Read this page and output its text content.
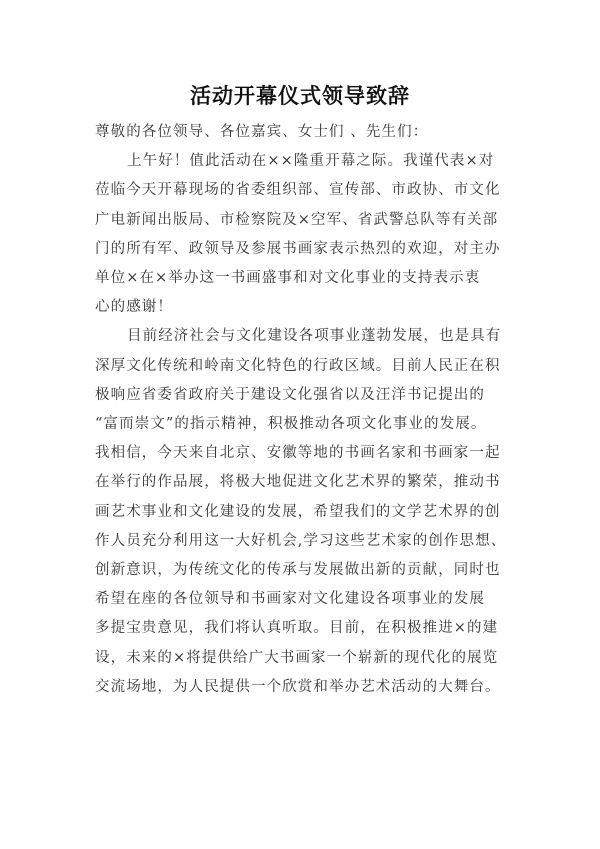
活动开幕仪式领导致辞
尊敬的各位领导、各位嘉宾、女士们 、先生们：
上午好！值此活动在××隆重开幕之际。我谨代表×对
莅临今天开幕现场的省委组织部、宣传部、市政协、市文化
广电新闻出版局、市检察院及×空军、省武警总队等有关部
门的所有军、政领导及参展书画家表示热烈的欢迎，对主办
单位×在×举办这一书画盛事和对文化事业的支持表示衷
心的感谢！
目前经济社会与文化建设各项事业蓬勃发展，也是具有
深厚文化传统和岭南文化特色的行政区域。目前人民正在积
极响应省委省政府关于建设文化强省以及汪洋书记提出的
“富而崇文”的指示精神，积极推动各项文化事业的发展。
我相信，今天来自北京、安徽等地的书画名家和书画家一起
在举行的作品展，将极大地促进文化艺术界的繁荣，推动书
画艺术事业和文化建设的发展，希望我们的文学艺术界的创
作人员充分利用这一大好机会,学习这些艺术家的创作思想、
创新意识，为传统文化的传承与发展做出新的贡献，同时也
希望在座的各位领导和书画家对文化建设各项事业的发展
多提宝贵意见，我们将认真听取。目前，在积极推进×的建
设，未来的×将提供给广大书画家一个崭新的现代化的展览
交流场地，为人民提供一个欣赏和举办艺术活动的大舞台。
